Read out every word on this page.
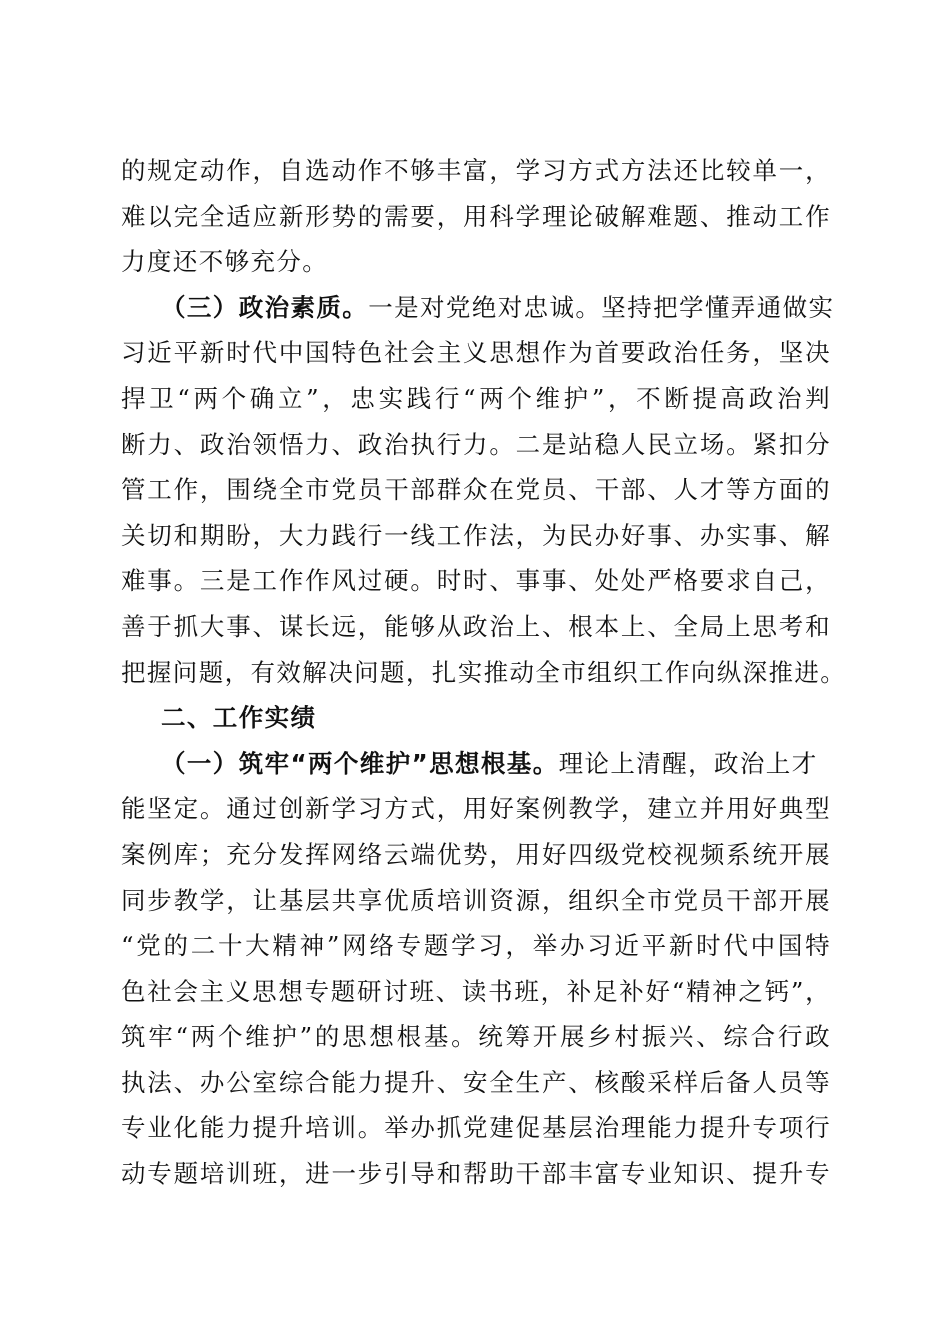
的规定动作，自选动作不够丰富，学习方式方法还比较单一，
难以完全适应新形势的需要，用科学理论破解难题、推动工作
力度还不够充分。
（三）政治素质。一是对党绝对忠诚。坚持把学懂弄通做实
习近平新时代中国特色社会主义思想作为首要政治任务，坚决
捍卫“两个确立”，忠实践行“两个维护”，不断提高政治判
断力、政治领悟力、政治执行力。二是站稳人民立场。紧扣分
管工作，围绕全市党员干部群众在党员、干部、人才等方面的
关切和期盼，大力践行一线工作法，为民办好事、办实事、解
难事。三是工作作风过硬。时时、事事、处处严格要求自己，
善于抓大事、谋长远，能够从政治上、根本上、全局上思考和
把握问题，有效解决问题，扎实推动全市组织工作向纵深推进。
二、工作实绩
（一）筑牢“两个维护”思想根基。理论上清醒，政治上才
能坚定。通过创新学习方式，用好案例教学，建立并用好典型
案例库；充分发挥网络云端优势，用好四级党校视频系统开展
同步教学，让基层共享优质培训资源，组织全市党员干部开展
“党的二十大精神”网络专题学习，举办习近平新时代中国特
色社会主义思想专题研讨班、读书班，补足补好“精神之钙”，
筑牢“两个维护”的思想根基。统筹开展乡村振兴、综合行政
执法、办公室综合能力提升、安全生产、核酸采样后备人员等
专业化能力提升培训。举办抓党建促基层治理能力提升专项行
动专题培训班，进一步引导和帮助干部丰富专业知识、提升专
